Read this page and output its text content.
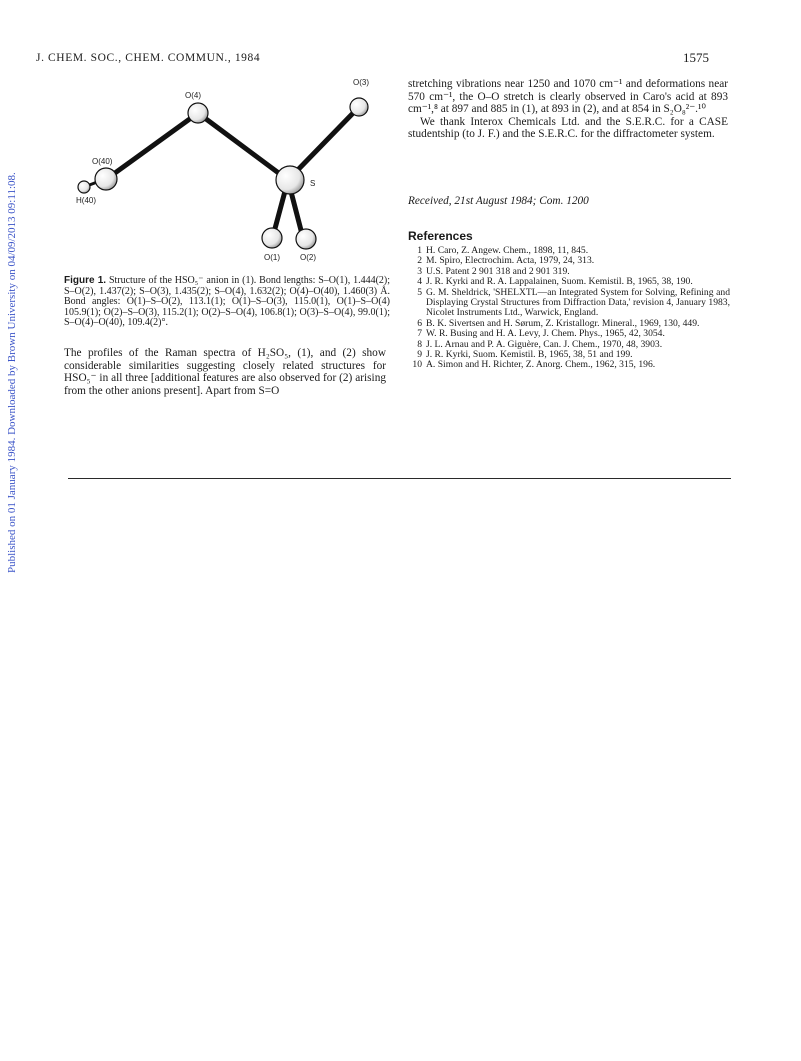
Published on 01 January 1984. Downloaded by Brown University on 04/09/2013 09:11:08.
J. CHEM. SOC., CHEM. COMMUN., 1984	1575
O(3)
O(4)
O(40)
H(40)
S
O(1)	O(2)
Figure 1. Structure of the HSO₅⁻ anion in (1). Bond lengths: S–O(1), 1.444(2); S–O(2), 1.437(2); S–O(3), 1.435(2); S–O(4), 1.632(2); O(4)–O(40), 1.460(3) Å. Bond angles: O(1)–S–O(2), 113.1(1); O(1)–S–O(3), 115.0(1), O(1)–S–O(4) 105.9(1); O(2)–S–O(3), 115.2(1); O(2)–S–O(4), 106.8(1); O(3)–S–O(4), 99.0(1); S–O(4)–O(40), 109.4(2)°.
The profiles of the Raman spectra of H₂SO₅, (1), and (2) show considerable similarities suggesting closely related structures for HSO₅⁻ in all three [additional features are also observed for (2) arising from the other anions present]. Apart from S=O

stretching vibrations near 1250 and 1070 cm⁻¹ and deformations near 570 cm⁻¹, the O–O stretch is clearly observed in Caro's acid at 893 cm⁻¹,⁸ at 897 and 885 in (1), at 893 in (2), and at 854 in S₂O₈²⁻.¹⁰

We thank Interox Chemicals Ltd. and the S.E.R.C. for a CASE studentship (to J. F.) and the S.E.R.C. for the diffractometer system.

Received, 21st August 1984; Com. 1200
References
1 H. Caro, Z. Angew. Chem., 1898, 11, 845.
2 M. Spiro, Electrochim. Acta, 1979, 24, 313.
3 U.S. Patent 2 901 318 and 2 901 319.
4 J. R. Kyrki and R. A. Lappalainen, Suom. Kemistil. B, 1965, 38, 190.
5 G. M. Sheldrick, 'SHELXTL—an Integrated System for Solving, Refining and Displaying Crystal Structures from Diffraction Data,' revision 4, January 1983, Nicolet Instruments Ltd., Warwick, England.
6 B. K. Sivertsen and H. Sørum, Z. Kristallogr. Mineral., 1969, 130, 449.
7 W. R. Busing and H. A. Levy, J. Chem. Phys., 1965, 42, 3054.
8 J. L. Arnau and P. A. Giguère, Can. J. Chem., 1970, 48, 3903.
9 J. R. Kyrki, Suom. Kemistil. B, 1965, 38, 51 and 199.
10 A. Simon and H. Richter, Z. Anorg. Chem., 1962, 315, 196.
